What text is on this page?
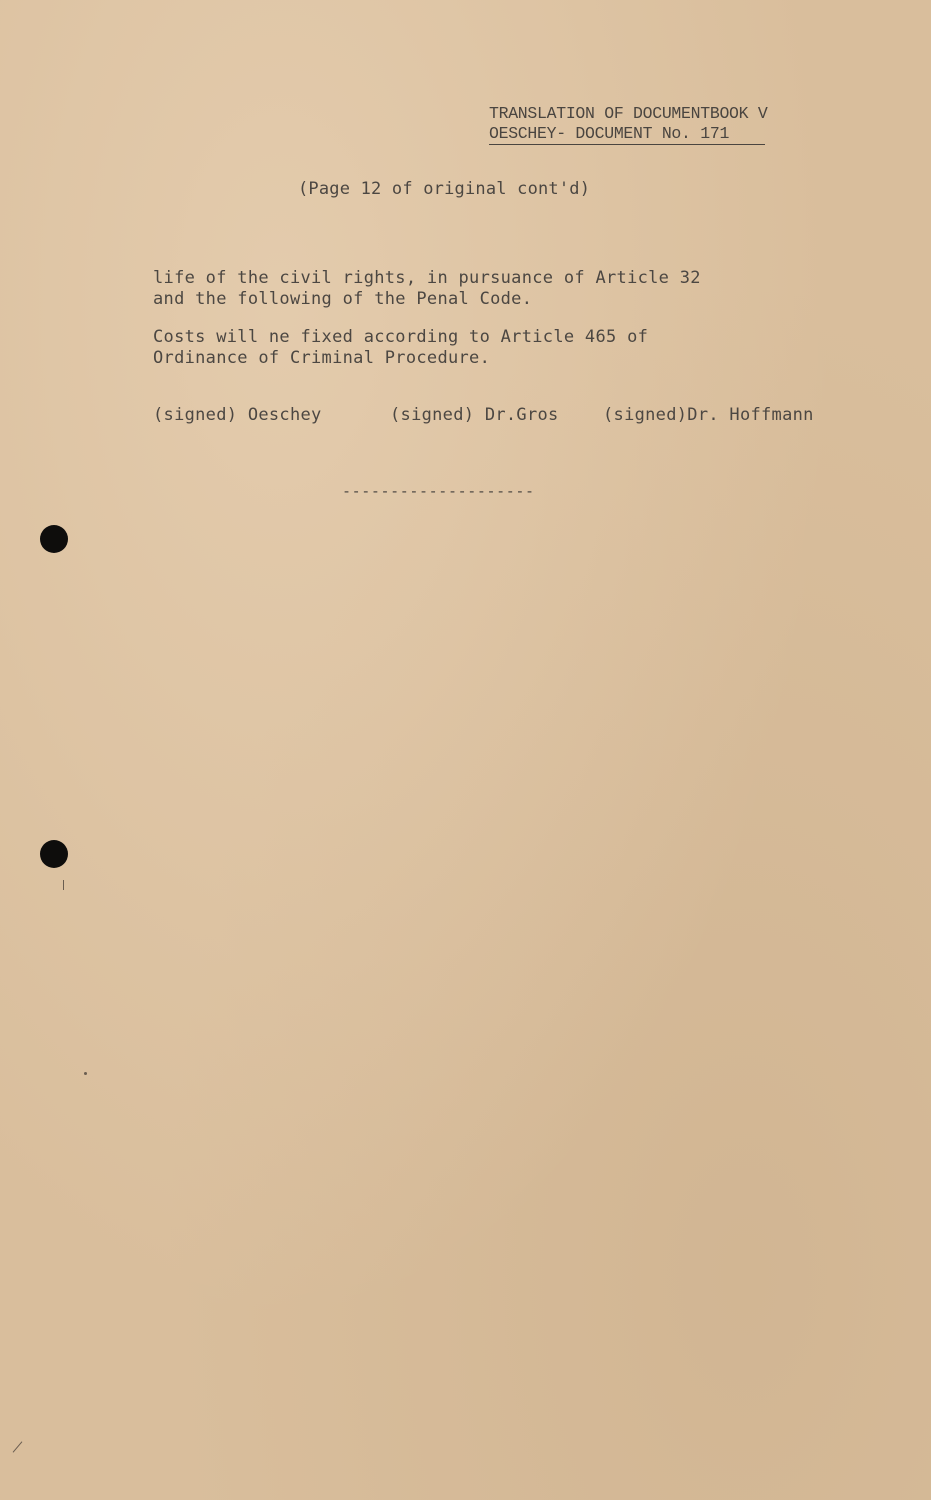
TRANSLATION OF DOCUMENTBOOK V
OESCHEY- DOCUMENT No. 171
(Page 12 of original cont'd)
life of the civil rights, in pursuance of Article 32
and the following of the Penal Code.
Costs will ne fixed according to Article 465 of
Ordinance of Criminal Procedure.

(signed) Oeschey

	(signed) Dr.Gros

	(signed)Dr. Hoffmann

--------------------
